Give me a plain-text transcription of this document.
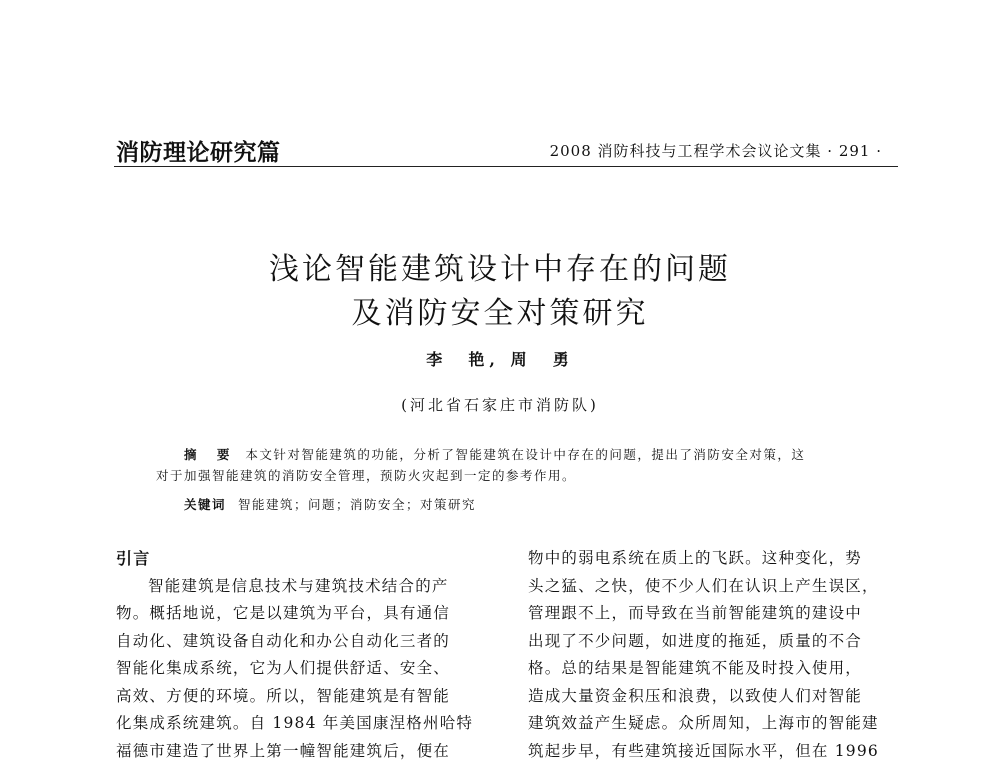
消防理论研究篇	2008 消防科技与工程学术会议论文集 · 291 ·
浅论智能建筑设计中存在的问题
及消防安全对策研究
李  艳, 周  勇
(河北省石家庄市消防队)
摘 要 本文针对智能建筑的功能，分析了智能建筑在设计中存在的问题，提出了消防安全对策，这
对于加强智能建筑的消防安全管理，预防火灾起到一定的参考作用。
关键词 智能建筑；问题；消防安全；对策研究
引言
智能建筑是信息技术与建筑技术结合的产
物。概括地说，它是以建筑为平台，具有通信
自动化、建筑设备自动化和办公自动化三者的
智能化集成系统，它为人们提供舒适、安全、
高效、方便的环境。所以，智能建筑是有智能
化集成系统建筑。自 1984 年美国康涅格州哈特
福德市建造了世界上第一幢智能建筑后，便在
物中的弱电系统在质上的飞跃。这种变化，势
头之猛、之快，使不少人们在认识上产生误区，
管理跟不上，而导致在当前智能建筑的建设中
出现了不少问题，如进度的拖延，质量的不合
格。总的结果是智能建筑不能及时投入使用，
造成大量资金积压和浪费，以致使人们对智能
建筑效益产生疑虑。众所周知，上海市的智能建
筑起步早，有些建筑接近国际水平，但在 1996
